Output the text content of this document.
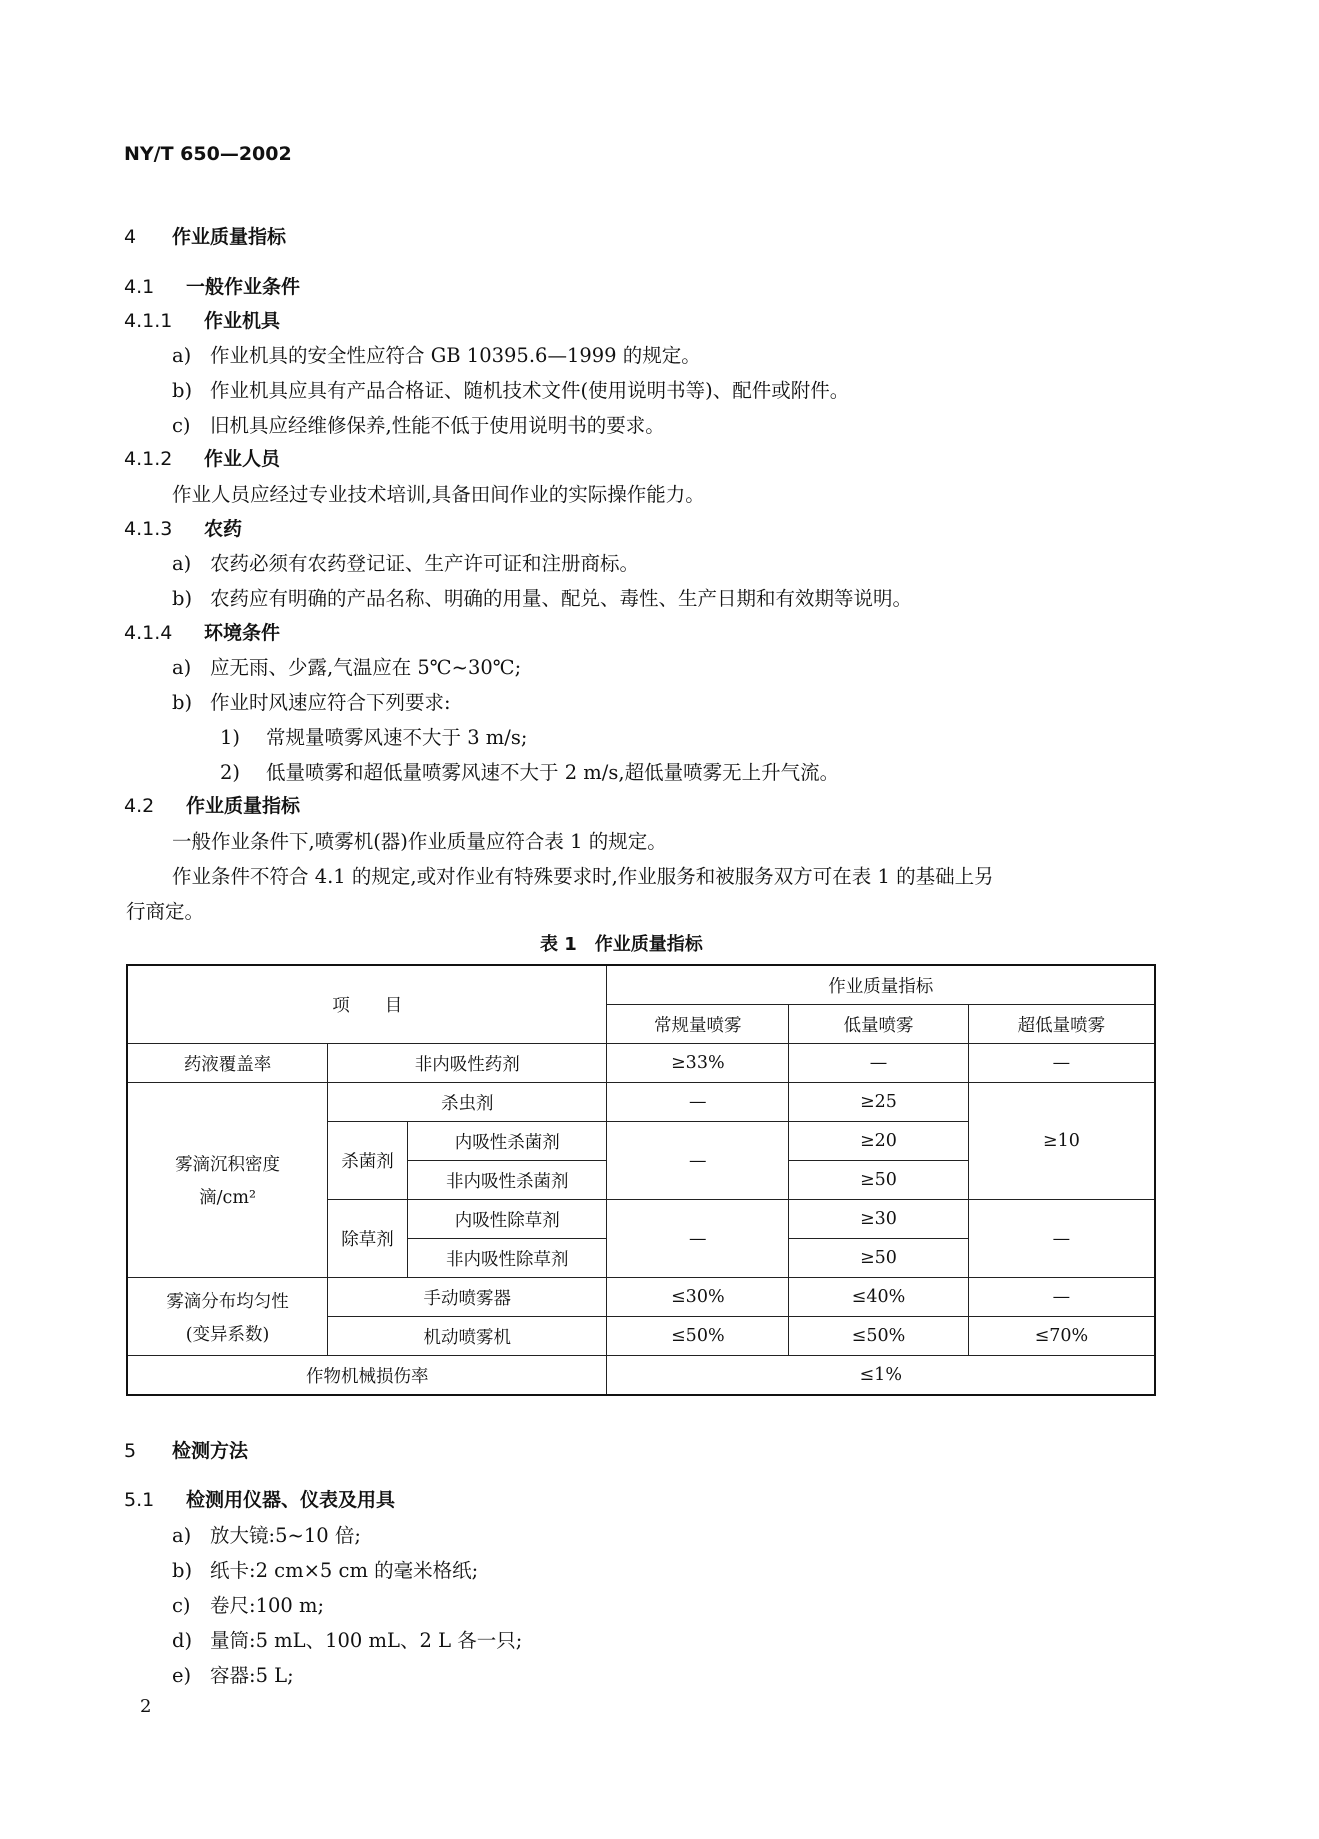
NY/T 650—2002
4 作业质量指标
4.1 一般作业条件
4.1.1 作业机具
a) 作业机具的安全性应符合 GB 10395.6—1999 的规定。
b) 作业机具应具有产品合格证、随机技术文件(使用说明书等)、配件或附件。
c) 旧机具应经维修保养,性能不低于使用说明书的要求。
4.1.2 作业人员
作业人员应经过专业技术培训,具备田间作业的实际操作能力。
4.1.3 农药
a) 农药必须有农药登记证、生产许可证和注册商标。
b) 农药应有明确的产品名称、明确的用量、配兑、毒性、生产日期和有效期等说明。
4.1.4 环境条件
a) 应无雨、少露,气温应在 5℃~30℃;
b) 作业时风速应符合下列要求:
1) 常规量喷雾风速不大于 3 m/s;
2) 低量喷雾和超低量喷雾风速不大于 2 m/s,超低量喷雾无上升气流。
4.2 作业质量指标
一般作业条件下,喷雾机(器)作业质量应符合表 1 的规定。
作业条件不符合 4.1 的规定,或对作业有特殊要求时,作业服务和被服务双方可在表 1 的基础上另
行商定。
表 1　作业质量指标
项　　目			作业质量指标		
			常规量喷雾	低量喷雾	超低量喷雾
药液覆盖率	非内吸性药剂		≥33%	—	—

雾滴沉积密度
滴/cm²	杀虫剂		—	≥25	≥10
	杀菌剂	内吸性杀菌剂	—	≥20	
		非内吸性杀菌剂		≥50	
	除草剂	内吸性除草剂	—	≥30	—
		非内吸性除草剂		≥50	

雾滴分布均匀性
(变异系数)	手动喷雾器		≤30%	≤40%	—
	机动喷雾机		≤50%	≤50%	≤70%
作物机械损伤率			≤1%		
5 检测方法
5.1 检测用仪器、仪表及用具
a) 放大镜:5~10 倍;
b) 纸卡:2 cm×5 cm 的毫米格纸;
c) 卷尺:100 m;
d) 量筒:5 mL、100 mL、2 L 各一只;
e) 容器:5 L;
2
